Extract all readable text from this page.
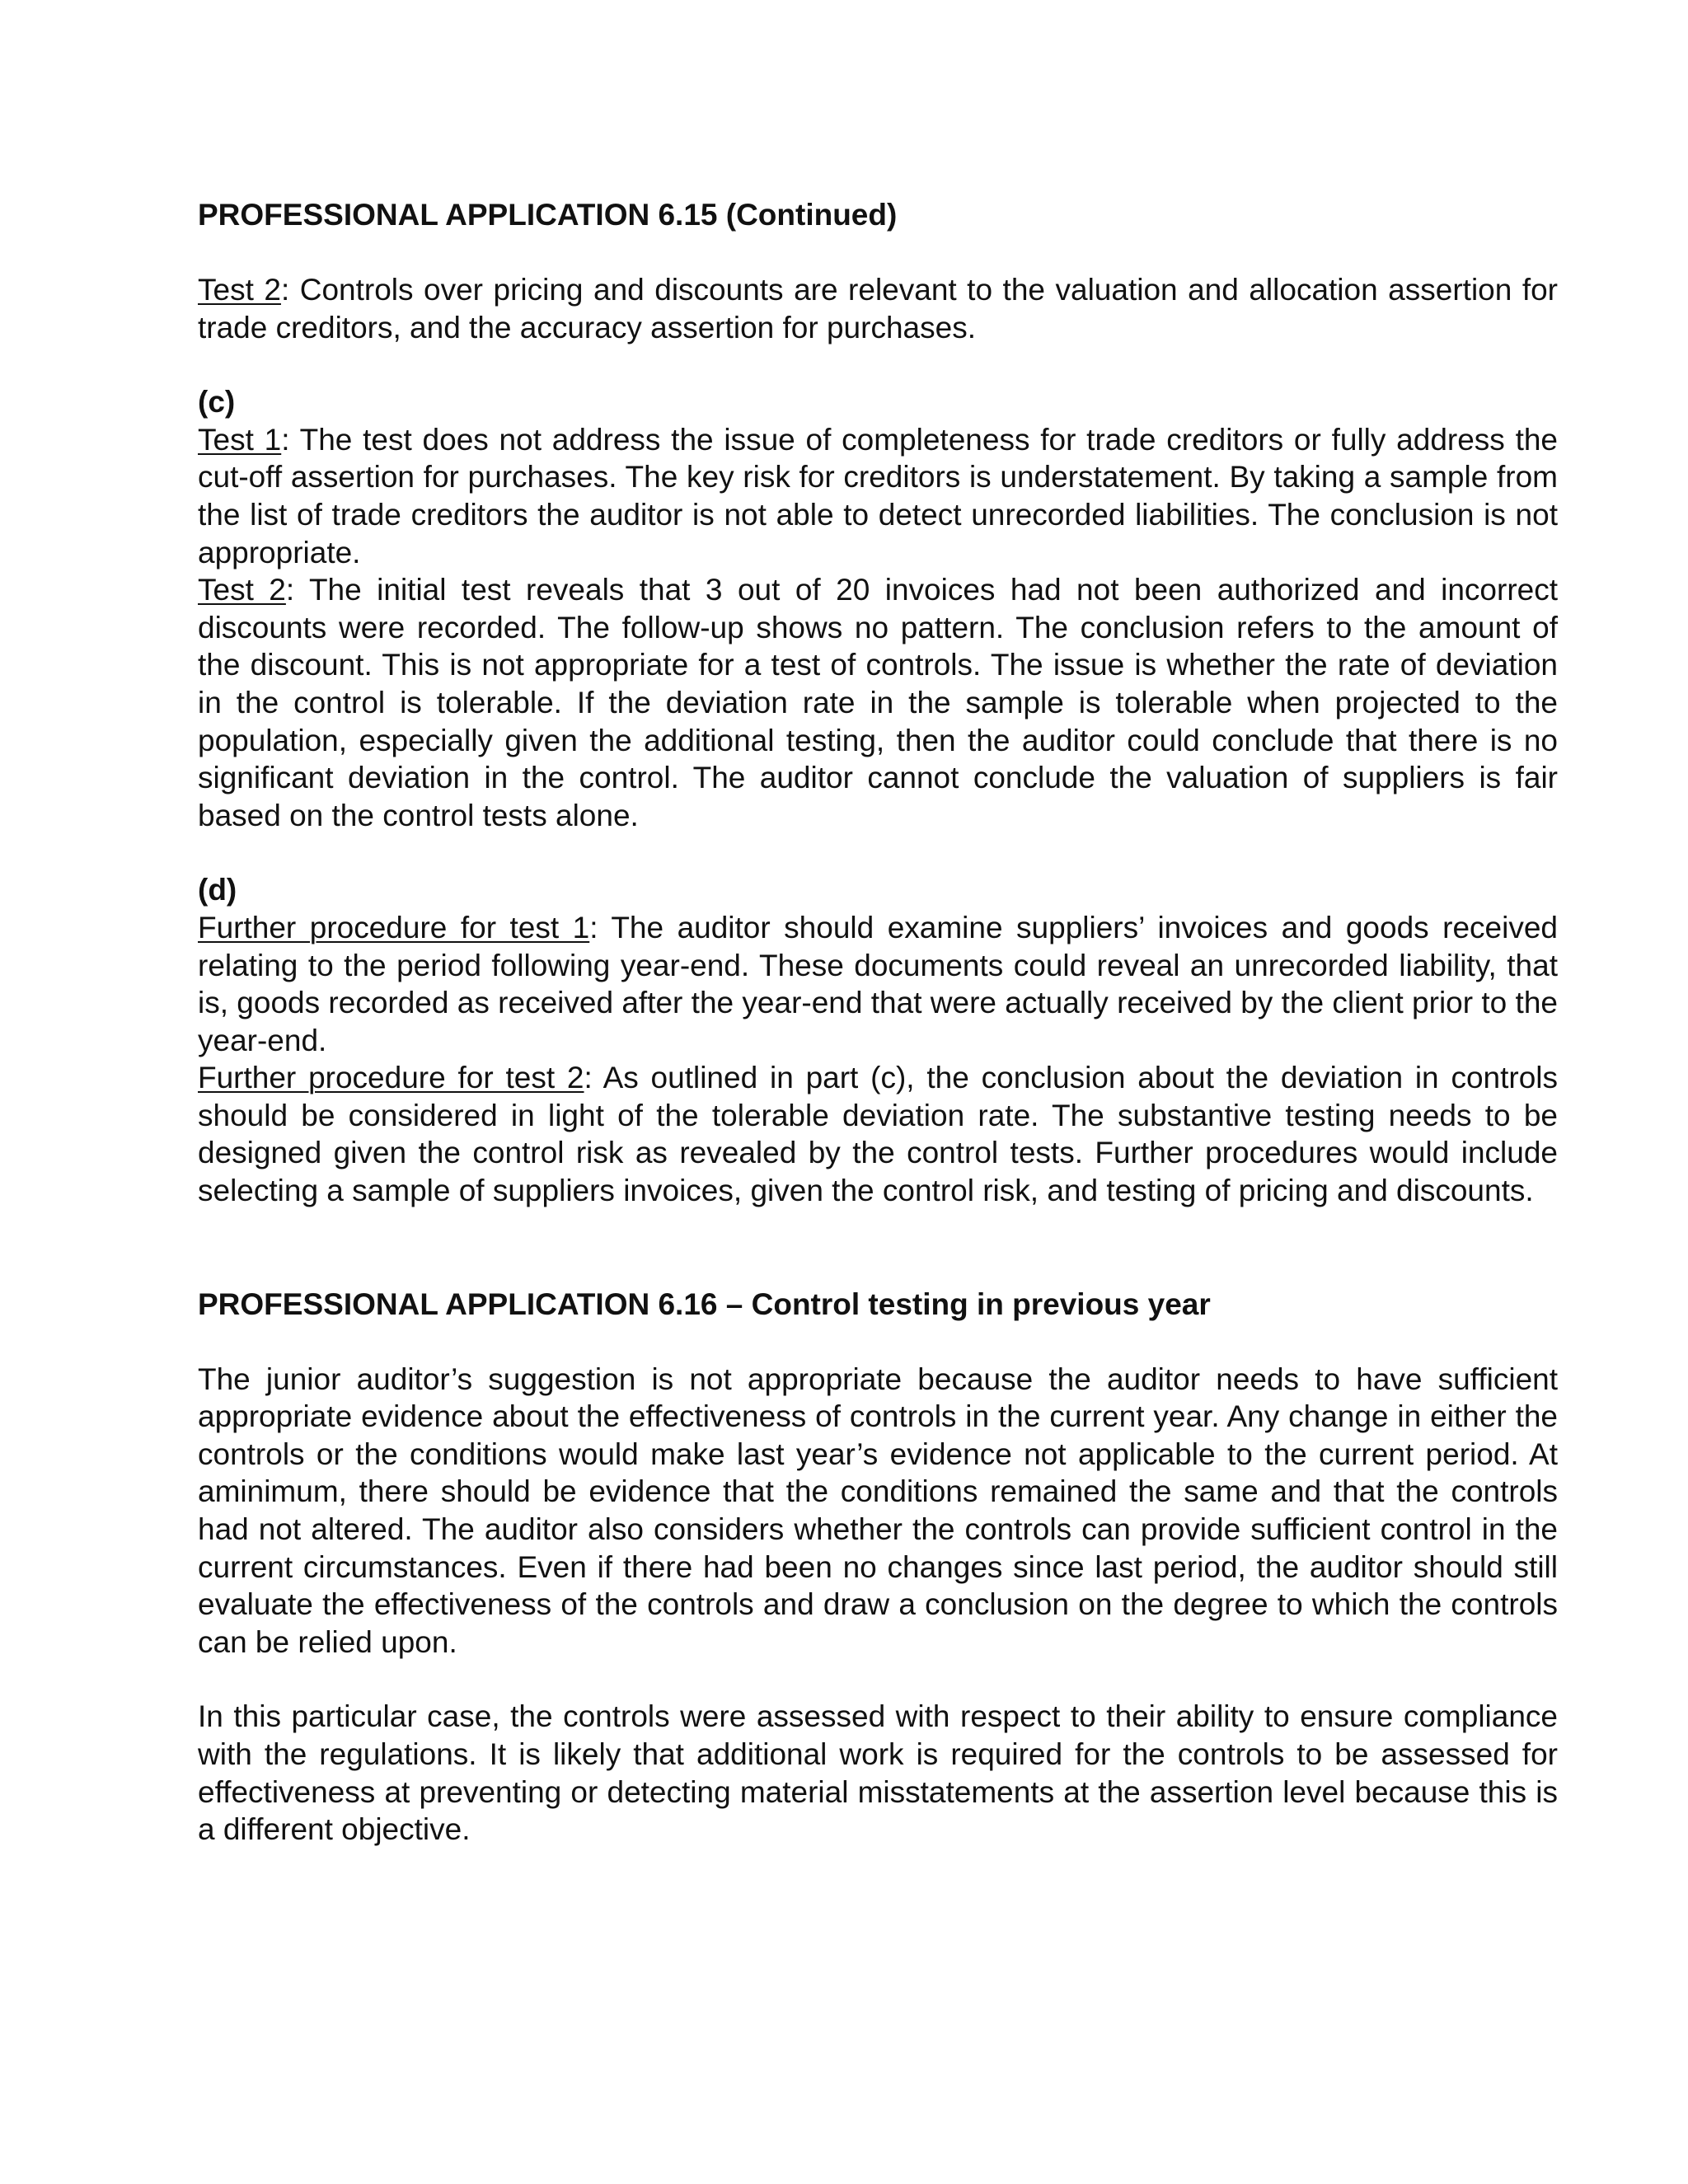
PROFESSIONAL APPLICATION 6.15 (Continued)

Test 2: Controls over pricing and discounts are relevant to the valuation and allocation assertion for trade creditors, and the accuracy assertion for purchases.

(c)

Test 1: The test does not address the issue of completeness for trade creditors or fully address the cut-off assertion for purchases. The key risk for creditors is understatement. By taking a sample from the list of trade creditors the auditor is not able to detect unrecorded liabilities. The conclusion is not appropriate.

Test 2: The initial test reveals that 3 out of 20 invoices had not been authorized and incorrect discounts were recorded. The follow-up shows no pattern. The conclusion refers to the amount of the discount. This is not appropriate for a test of controls. The issue is whether the rate of deviation in the control is tolerable. If the deviation rate in the sample is tolerable when projected to the population, especially given the additional testing, then the auditor could conclude that there is no significant deviation in the control. The auditor cannot conclude the valuation of suppliers is fair based on the control tests alone.

(d)

Further procedure for test 1: The auditor should examine suppliers’ invoices and goods received relating to the period following year-end. These documents could reveal an unrecorded liability, that is, goods recorded as received after the year-end that were actually received by the client prior to the year-end.

Further procedure for test 2: As outlined in part (c), the conclusion about the deviation in controls should be considered in light of the tolerable deviation rate. The substantive testing needs to be designed given the control risk as revealed by the control tests. Further procedures would include selecting a sample of suppliers invoices, given the control risk, and testing of pricing and discounts.

PROFESSIONAL APPLICATION 6.16 – Control testing in previous year

The junior auditor’s suggestion is not appropriate because the auditor needs to have sufficient appropriate evidence about the effectiveness of controls in the current year. Any change in either the controls or the conditions would make last year’s evidence not applicable to the current period. At aminimum, there should be evidence that the conditions remained the same and that the controls had not altered. The auditor also considers whether the controls can provide sufficient control in the current circumstances. Even if there had been no changes since last period, the auditor should still evaluate the effectiveness of the controls and draw a conclusion on the degree to which the controls can be relied upon.

In this particular case, the controls were assessed with respect to their ability to ensure compliance with the regulations. It is likely that additional work is required for the controls to be assessed for effectiveness at preventing or detecting material misstatements at the assertion level because this is a different objective.
